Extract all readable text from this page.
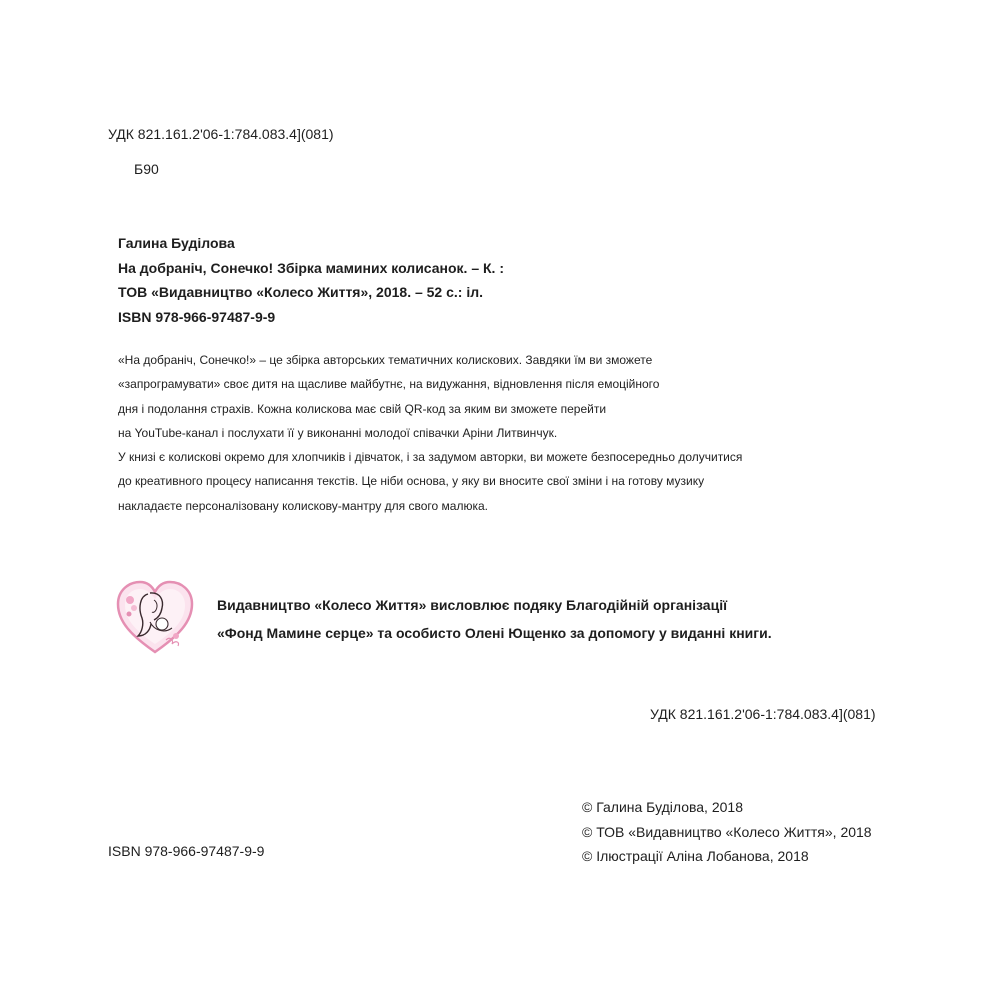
УДК 821.161.2'06-1:784.083.4](081)
Б90
Галина Буділова
На добраніч, Сонечко! Збірка маминих колисанок. – К. :
ТОВ «Видавництво «Колесо Життя», 2018. – 52 с.: іл.
ISBN 978-966-97487-9-9
«На добраніч, Сонечко!» – це збірка авторських тематичних колискових. Завдяки їм ви зможете
«запрограмувати» своє дитя на щасливе майбутнє, на видужання, відновлення після емоційного
дня і подолання страхів. Кожна колискова має свій QR-код за яким ви зможете перейти
на YouTube-канал і послухати її у виконанні молодої співачки Аріни Литвинчук.
У книзі є колискові окремо для хлопчиків і дівчаток, і за задумом авторки, ви можете безпосередньо долучитися
до креативного процесу написання текстів. Це ніби основа, у яку ви вносите свої зміни і на готову музику
накладаєте персоналізовану колискову-мантру для свого малюка.
Видавництво «Колесо Життя» висловлює подяку Благодійній організації
«Фонд Мамине серце» та особисто Олені Ющенко за допомогу у виданні книги.
УДК 821.161.2'06-1:784.083.4](081)
© Галина Буділова, 2018
© ТОВ «Видавництво «Колесо Життя», 2018
© Ілюстрації Аліна Лобанова, 2018
ISBN 978-966-97487-9-9
